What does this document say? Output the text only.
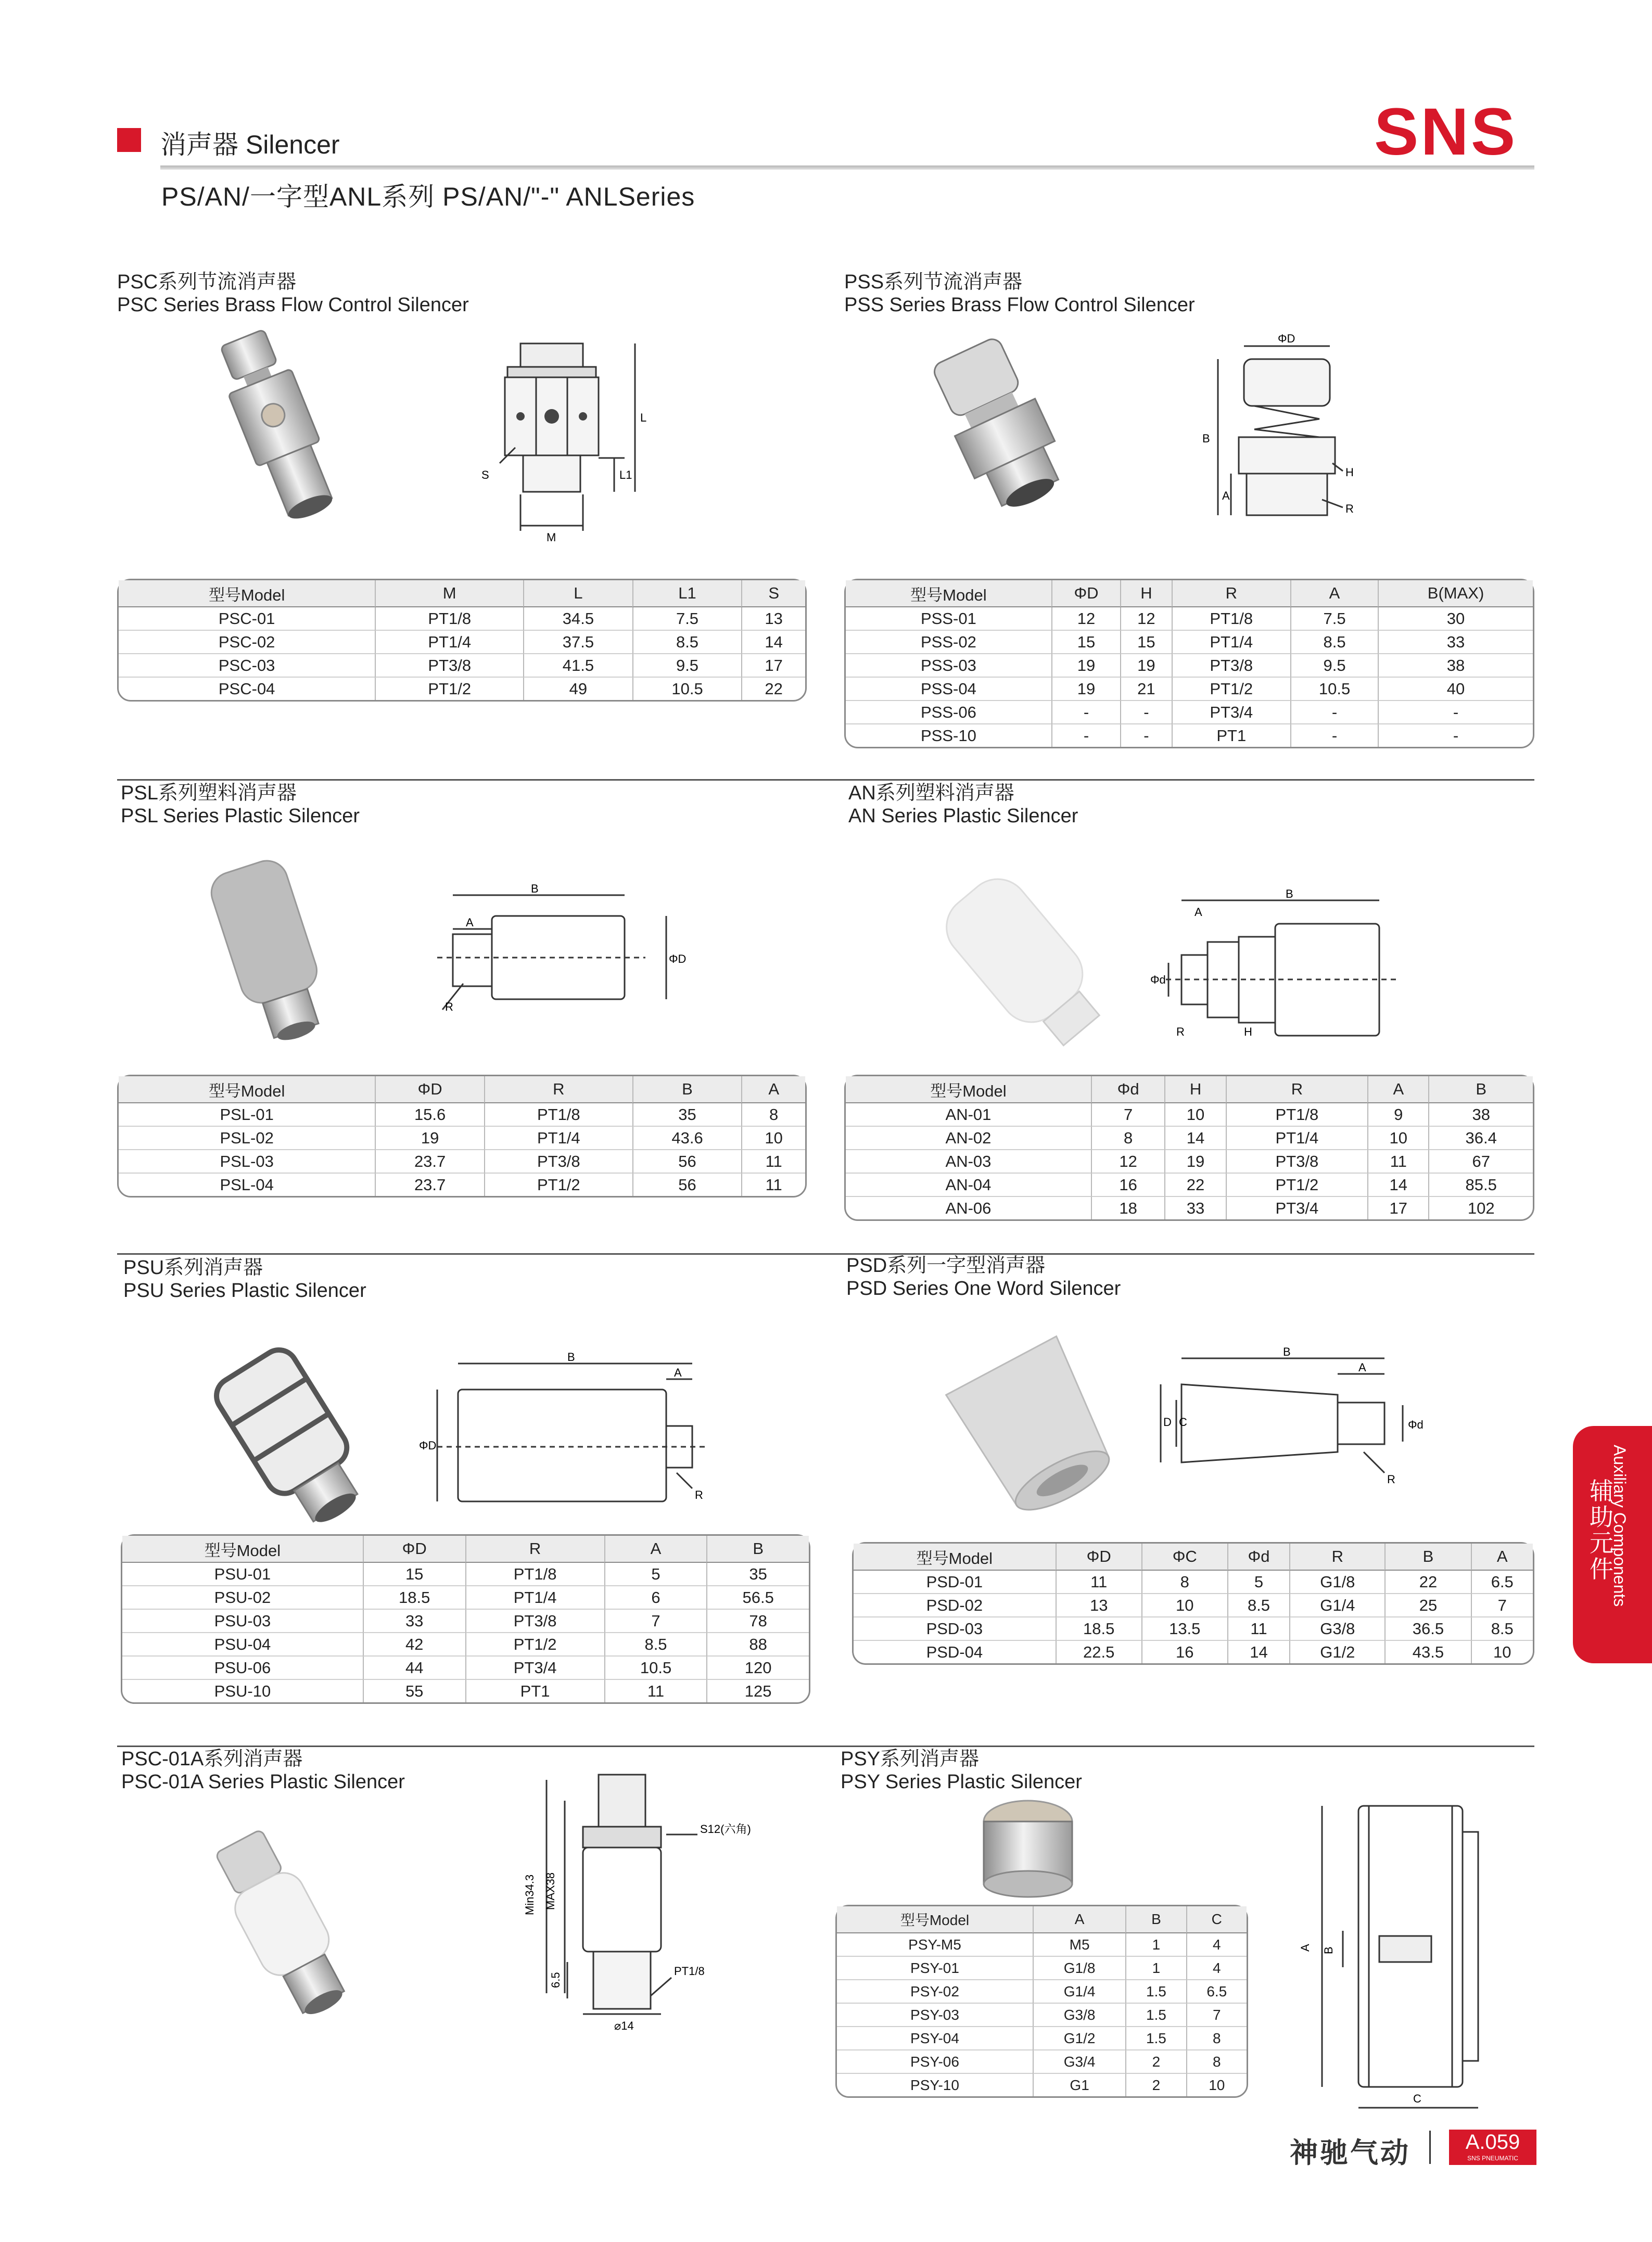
消声器 Silencer
PS/AN/一字型ANL系列 PS/AN/"-" ANLSeries
SNS
PSC系列节流消声器
PSC Series Brass Flow Control Silencer
L
L1
S
M
型号Model	M	L	L1	S
PSC-01	PT1/8	34.5	7.5	13
PSC-02	PT1/4	37.5	8.5	14
PSC-03	PT3/8	41.5	9.5	17
PSC-04	PT1/2	49	10.5	22
PSS系列节流消声器
PSS Series Brass Flow Control Silencer
ΦD
B
A
H
R
型号Model	ΦD	H	R	A	B(MAX)
PSS-01	12	12	PT1/8	7.5	30
PSS-02	15	15	PT1/4	8.5	33
PSS-03	19	19	PT3/8	9.5	38
PSS-04	19	21	PT1/2	10.5	40
PSS-06	-	-	PT3/4	-	-
PSS-10	-	-	PT1	-	-
PSL系列塑料消声器
PSL Series Plastic Silencer
B
A
ΦD
R
型号Model	ΦD	R	B	A
PSL-01	15.6	PT1/8	35	8
PSL-02	19	PT1/4	43.6	10
PSL-03	23.7	PT3/8	56	11
PSL-04	23.7	PT1/2	56	11
AN系列塑料消声器
AN Series Plastic Silencer
B
A
Φd
R	H
型号Model	Φd	H	R	A	B
AN-01	7	10	PT1/8	9	38
AN-02	8	14	PT1/4	10	36.4
AN-03	12	19	PT3/8	11	67
AN-04	16	22	PT1/2	14	85.5
AN-06	18	33	PT3/4	17	102
PSU系列消声器
PSU Series Plastic Silencer
B
A
ΦD
R
型号Model	ΦD	R	A	B
PSU-01	15	PT1/8	5	35
PSU-02	18.5	PT1/4	6	56.5
PSU-03	33	PT3/8	7	78
PSU-04	42	PT1/2	8.5	88
PSU-06	44	PT3/4	10.5	120
PSU-10	55	PT1	11	125
PSD系列一字型消声器
PSD Series One Word Silencer
B
A
D C	Φd
R
型号Model	ΦD	ΦC	Φd	R	B	A
PSD-01	11	8	5	G1/8	22	6.5
PSD-02	13	10	8.5	G1/4	25	7
PSD-03	18.5	13.5	11	G3/8	36.5	8.5
PSD-04	22.5	16	14	G1/2	43.5	10
PSC-01A系列消声器
PSC-01A Series Plastic Silencer
S12(六角)
Min34.3 MAX38
PT1/8
6.5
⌀14
PSY系列消声器
PSY Series Plastic Silencer
型号Model	A	B	C
PSY-M5	M5	1	4
PSY-01	G1/8	1	4
PSY-02	G1/4	1.5	6.5
PSY-03	G3/8	1.5	7
PSY-04	G1/2	1.5	8
PSY-06	G3/4	2	8
PSY-10	G1	2	10
A B
C
辅助元件
Auxiliary Components
神驰气动	A.059
SNS PNEUMATIC
